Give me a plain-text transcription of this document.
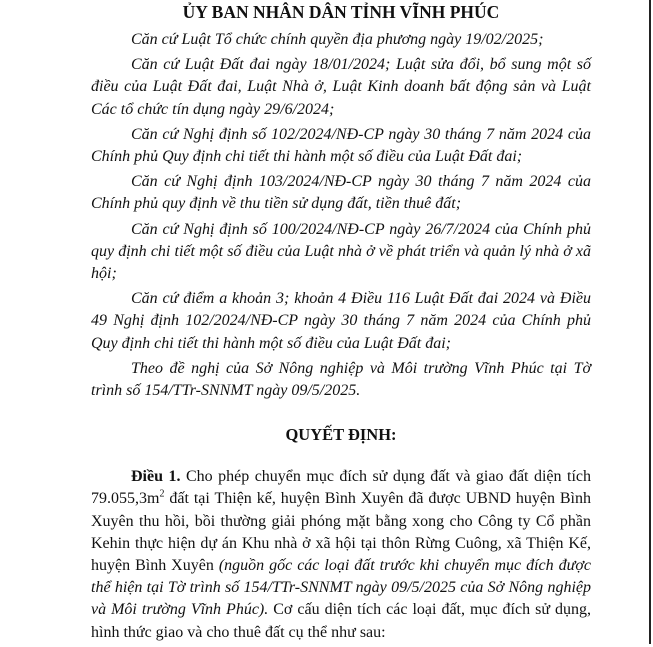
ỦY BAN NHÂN DÂN TỈNH VĨNH PHÚC
Căn cứ Luật Tổ chức chính quyền địa phương ngày 19/02/2025;
Căn cứ Luật Đất đai ngày 18/01/2024; Luật sửa đổi, bổ sung một số điều của Luật Đất đai, Luật Nhà ở, Luật Kinh doanh bất động sản và Luật Các tổ chức tín dụng ngày 29/6/2024;
Căn cứ Nghị định số 102/2024/NĐ-CP ngày 30 tháng 7 năm 2024 của Chính phủ Quy định chi tiết thi hành một số điều của Luật Đất đai;
Căn cứ Nghị định 103/2024/NĐ-CP ngày 30 tháng 7 năm 2024 của Chính phủ quy định về thu tiền sử dụng đất, tiền thuê đất;
Căn cứ Nghị định số 100/2024/NĐ-CP ngày 26/7/2024 của Chính phủ quy định chi tiết một số điều của Luật nhà ở về phát triển và quản lý nhà ở xã hội;
Căn cứ điểm a khoản 3; khoản 4 Điều 116 Luật Đất đai 2024 và Điều 49 Nghị định 102/2024/NĐ-CP ngày 30 tháng 7 năm 2024 của Chính phủ Quy định chi tiết thi hành một số điều của Luật Đất đai;
Theo đề nghị của Sở Nông nghiệp và Môi trường Vĩnh Phúc tại Tờ trình số 154/TTr-SNNMT ngày 09/5/2025.
QUYẾT ĐỊNH:
Điều 1. Cho phép chuyển mục đích sử dụng đất và giao đất diện tích $79.055,3m^2$ đất tại Thiện kế, huyện Bình Xuyên đã được UBND huyện Bình Xuyên thu hồi, bồi thường giải phóng mặt bằng xong cho Công ty Cổ phần Kehin thực hiện dự án Khu nhà ở xã hội tại thôn Rừng Cuông, xã Thiện Kế, huyện Bình Xuyên (nguồn gốc các loại đất trước khi chuyển mục đích được thể hiện tại Tờ trình số 154/TTr-SNNMT ngày 09/5/2025 của Sở Nông nghiệp và Môi trường Vĩnh Phúc). Cơ cấu diện tích các loại đất, mục đích sử dụng, hình thức giao và cho thuê đất cụ thể như sau:
